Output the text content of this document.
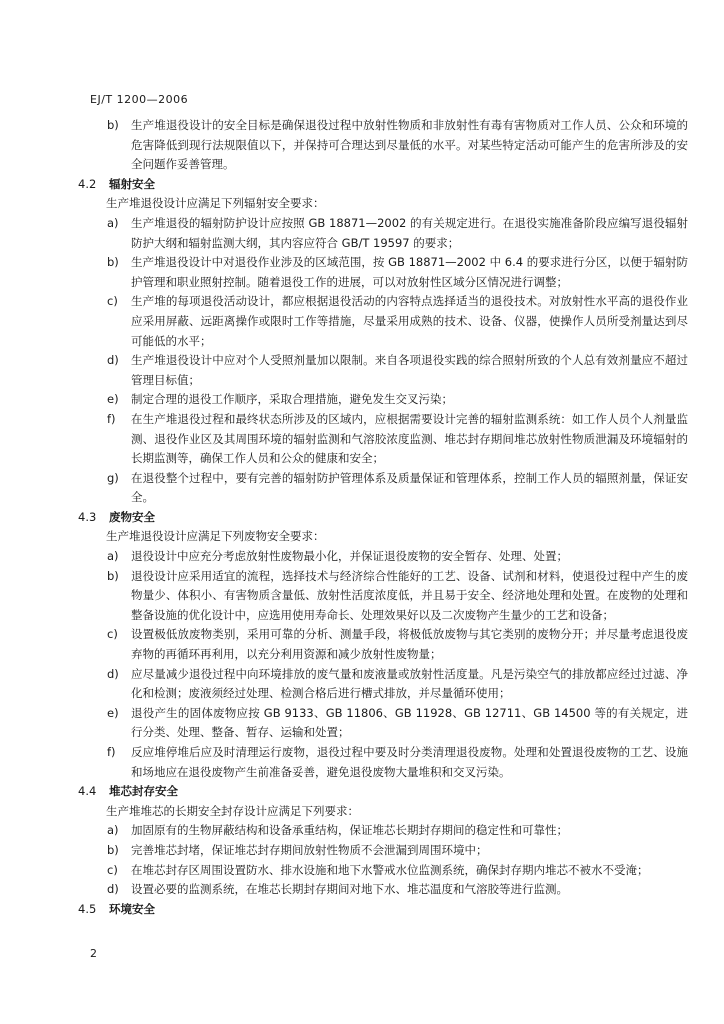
EJ/T 1200—2006
b)	生产堆退役设计的安全目标是确保退役过程中放射性物质和非放射性有毒有害物质对工作人员、公众和环境的危害降低到现行法规限值以下，并保持可合理达到尽量低的水平。对某些特定活动可能产生的危害所涉及的安全问题作妥善管理。
4.2	辐射安全
生产堆退役设计应满足下列辐射安全要求：
a)	生产堆退役的辐射防护设计应按照 GB 18871—2002 的有关规定进行。在退役实施准备阶段应编写退役辐射防护大纲和辐射监测大纲，其内容应符合 GB/T 19597 的要求；
b)	生产堆退役设计中对退役作业涉及的区域范围，按 GB 18871—2002 中 6.4 的要求进行分区，以便于辐射防护管理和职业照射控制。随着退役工作的进展，可以对放射性区域分区情况进行调整；
c)	生产堆的每项退役活动设计，都应根据退役活动的内容特点选择适当的退役技术。对放射性水平高的退役作业应采用屏蔽、远距离操作或限时工作等措施，尽量采用成熟的技术、设备、仪器，使操作人员所受剂量达到尽可能低的水平；
d)	生产堆退役设计中应对个人受照剂量加以限制。来自各项退役实践的综合照射所致的个人总有效剂量应不超过管理目标值；
e)	制定合理的退役工作顺序，采取合理措施，避免发生交叉污染；
f)	在生产堆退役过程和最终状态所涉及的区域内，应根据需要设计完善的辐射监测系统：如工作人员个人剂量监测、退役作业区及其周围环境的辐射监测和气溶胶浓度监测、堆芯封存期间堆芯放射性物质泄漏及环境辐射的长期监测等，确保工作人员和公众的健康和安全；
g)	在退役整个过程中，要有完善的辐射防护管理体系及质量保证和管理体系，控制工作人员的辐照剂量，保证安全。
4.3	废物安全
生产堆退役设计应满足下列废物安全要求：
a)	退役设计中应充分考虑放射性废物最小化，并保证退役废物的安全暂存、处理、处置；
b)	退役设计应采用适宜的流程，选择技术与经济综合性能好的工艺、设备、试剂和材料，使退役过程中产生的废物量少、体积小、有害物质含量低、放射性活度浓度低，并且易于安全、经济地处理和处置。在废物的处理和整备设施的优化设计中，应选用使用寿命长、处理效果好以及二次废物产生量少的工艺和设备；
c)	设置极低放废物类别，采用可靠的分析、测量手段，将极低放废物与其它类别的废物分开；并尽量考虑退役废弃物的再循环再利用，以充分利用资源和减少放射性废物量；
d)	应尽量减少退役过程中向环境排放的废气量和废液量或放射性活度量。凡是污染空气的排放都应经过过滤、净化和检测；废液须经过处理、检测合格后进行槽式排放，并尽量循环使用；
e)	退役产生的固体废物应按 GB 9133、GB 11806、GB 11928、GB 12711、GB 14500 等的有关规定，进行分类、处理、整备、暂存、运输和处置；
f)	反应堆停堆后应及时清理运行废物，退役过程中要及时分类清理退役废物。处理和处置退役废物的工艺、设施和场地应在退役废物产生前准备妥善，避免退役废物大量堆积和交叉污染。
4.4	堆芯封存安全
生产堆堆芯的长期安全封存设计应满足下列要求：
a)	加固原有的生物屏蔽结构和设备承重结构，保证堆芯长期封存期间的稳定性和可靠性；
b)	完善堆芯封堵，保证堆芯封存期间放射性物质不会泄漏到周围环境中；
c)	在堆芯封存区周围设置防水、排水设施和地下水警戒水位监测系统，确保封存期内堆芯不被水不受淹；
d)	设置必要的监测系统，在堆芯长期封存期间对地下水、堆芯温度和气溶胶等进行监测。
4.5	环境安全
2
